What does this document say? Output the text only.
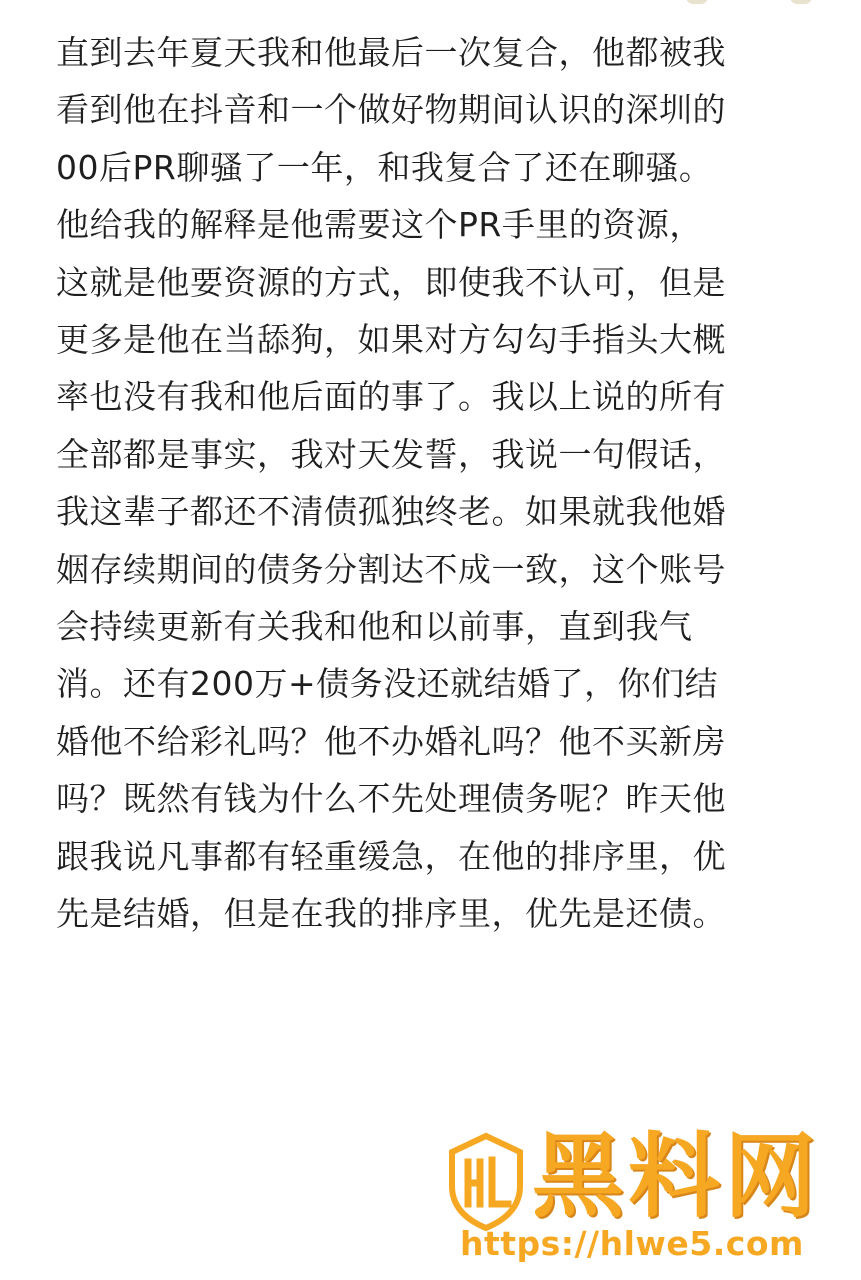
直到去年夏天我和他最后一次复合，他都被我
看到他在抖音和一个做好物期间认识的深圳的
00后PR聊骚了一年，和我复合了还在聊骚。
他给我的解释是他需要这个PR手里的资源，
这就是他要资源的方式，即使我不认可，但是
更多是他在当舔狗，如果对方勾勾手指头大概
率也没有我和他后面的事了。我以上说的所有
全部都是事实，我对天发誓，我说一句假话，
我这辈子都还不清债孤独终老。如果就我他婚
姻存续期间的债务分割达不成一致，这个账号
会持续更新有关我和他和以前事，直到我气
消。还有200万+债务没还就结婚了，你们结
婚他不给彩礼吗？他不办婚礼吗？他不买新房
吗？既然有钱为什么不先处理债务呢？昨天他
跟我说凡事都有轻重缓急，在他的排序里，优
先是结婚，但是在我的排序里，优先是还债。
黑料网
https://hlwe5.com
